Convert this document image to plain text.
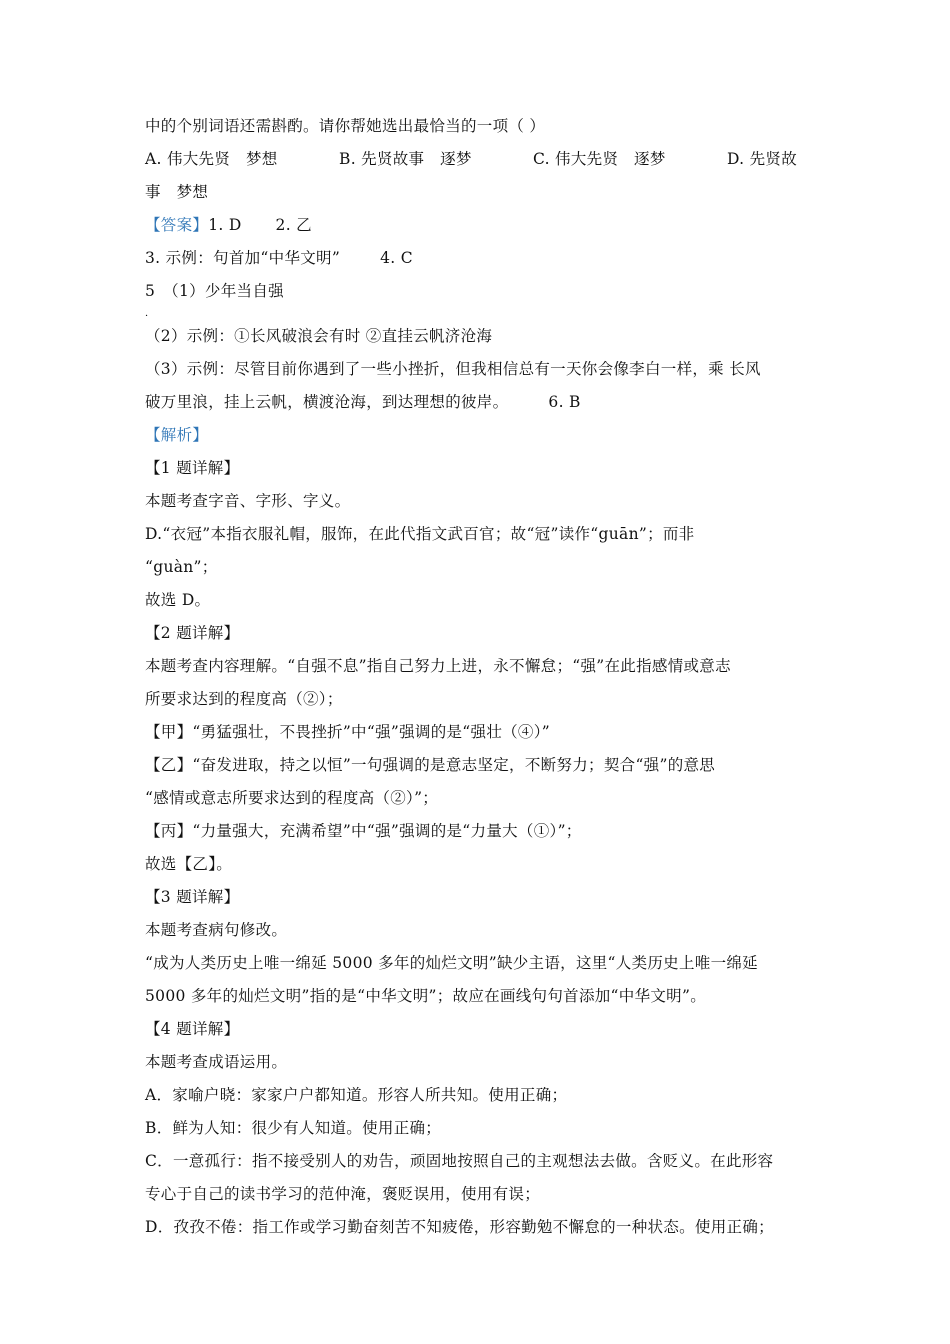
中的个别词语还需斟酌。请你帮她选出最恰当的一项（ ）
A. 伟大先贤　梦想	B. 先贤故事　逐梦	C. 伟大先贤　逐梦	D. 先贤故
事　梦想
【答案】1. D 2. 乙
3. 示例：句首加“中华文明”	4. C
5 （1）少年当自强
．
（2）示例：①长风破浪会有时 ②直挂云帆济沧海
（3）示例：尽管目前你遇到了一些小挫折，但我相信总有一天你会像李白一样，乘 长风
破万里浪，挂上云帆，横渡沧海，到达理想的彼岸。	6. B
【解析】
【1 题详解】
本题考查字音、字形、字义。
D.“衣冠”本指衣服礼帽，服饰，在此代指文武百官；故“冠”读作“guān”；而非
“guàn”；
故选 D。
【2 题详解】
本题考查内容理解。“自强不息”指自己努力上进，永不懈怠；“强”在此指感情或意志
所要求达到的程度高（②）；
【甲】“勇猛强壮，不畏挫折”中“强”强调的是“强壮（④）”
【乙】“奋发进取，持之以恒”一句强调的是意志坚定，不断努力；契合“强”的意思
“感情或意志所要求达到的程度高（②）”；
【丙】“力量强大，充满希望”中“强”强调的是“力量大（①）”；
故选【乙】。
【3 题详解】
本题考查病句修改。
“成为人类历史上唯一绵延 5000 多年的灿烂文明”缺少主语，这里“人类历史上唯一绵延
5000 多年的灿烂文明”指的是“中华文明”；故应在画线句句首添加“中华文明”。
【4 题详解】
本题考查成语运用。
A．家喻户晓：家家户户都知道。形容人所共知。使用正确；
B．鲜为人知：很少有人知道。使用正确；
C．一意孤行：指不接受别人的劝告，顽固地按照自己的主观想法去做。含贬义。在此形容
专心于自己的读书学习的范仲淹，褒贬误用，使用有误；
D．孜孜不倦：指工作或学习勤奋刻苦不知疲倦，形容勤勉不懈怠的一种状态。使用正确；
